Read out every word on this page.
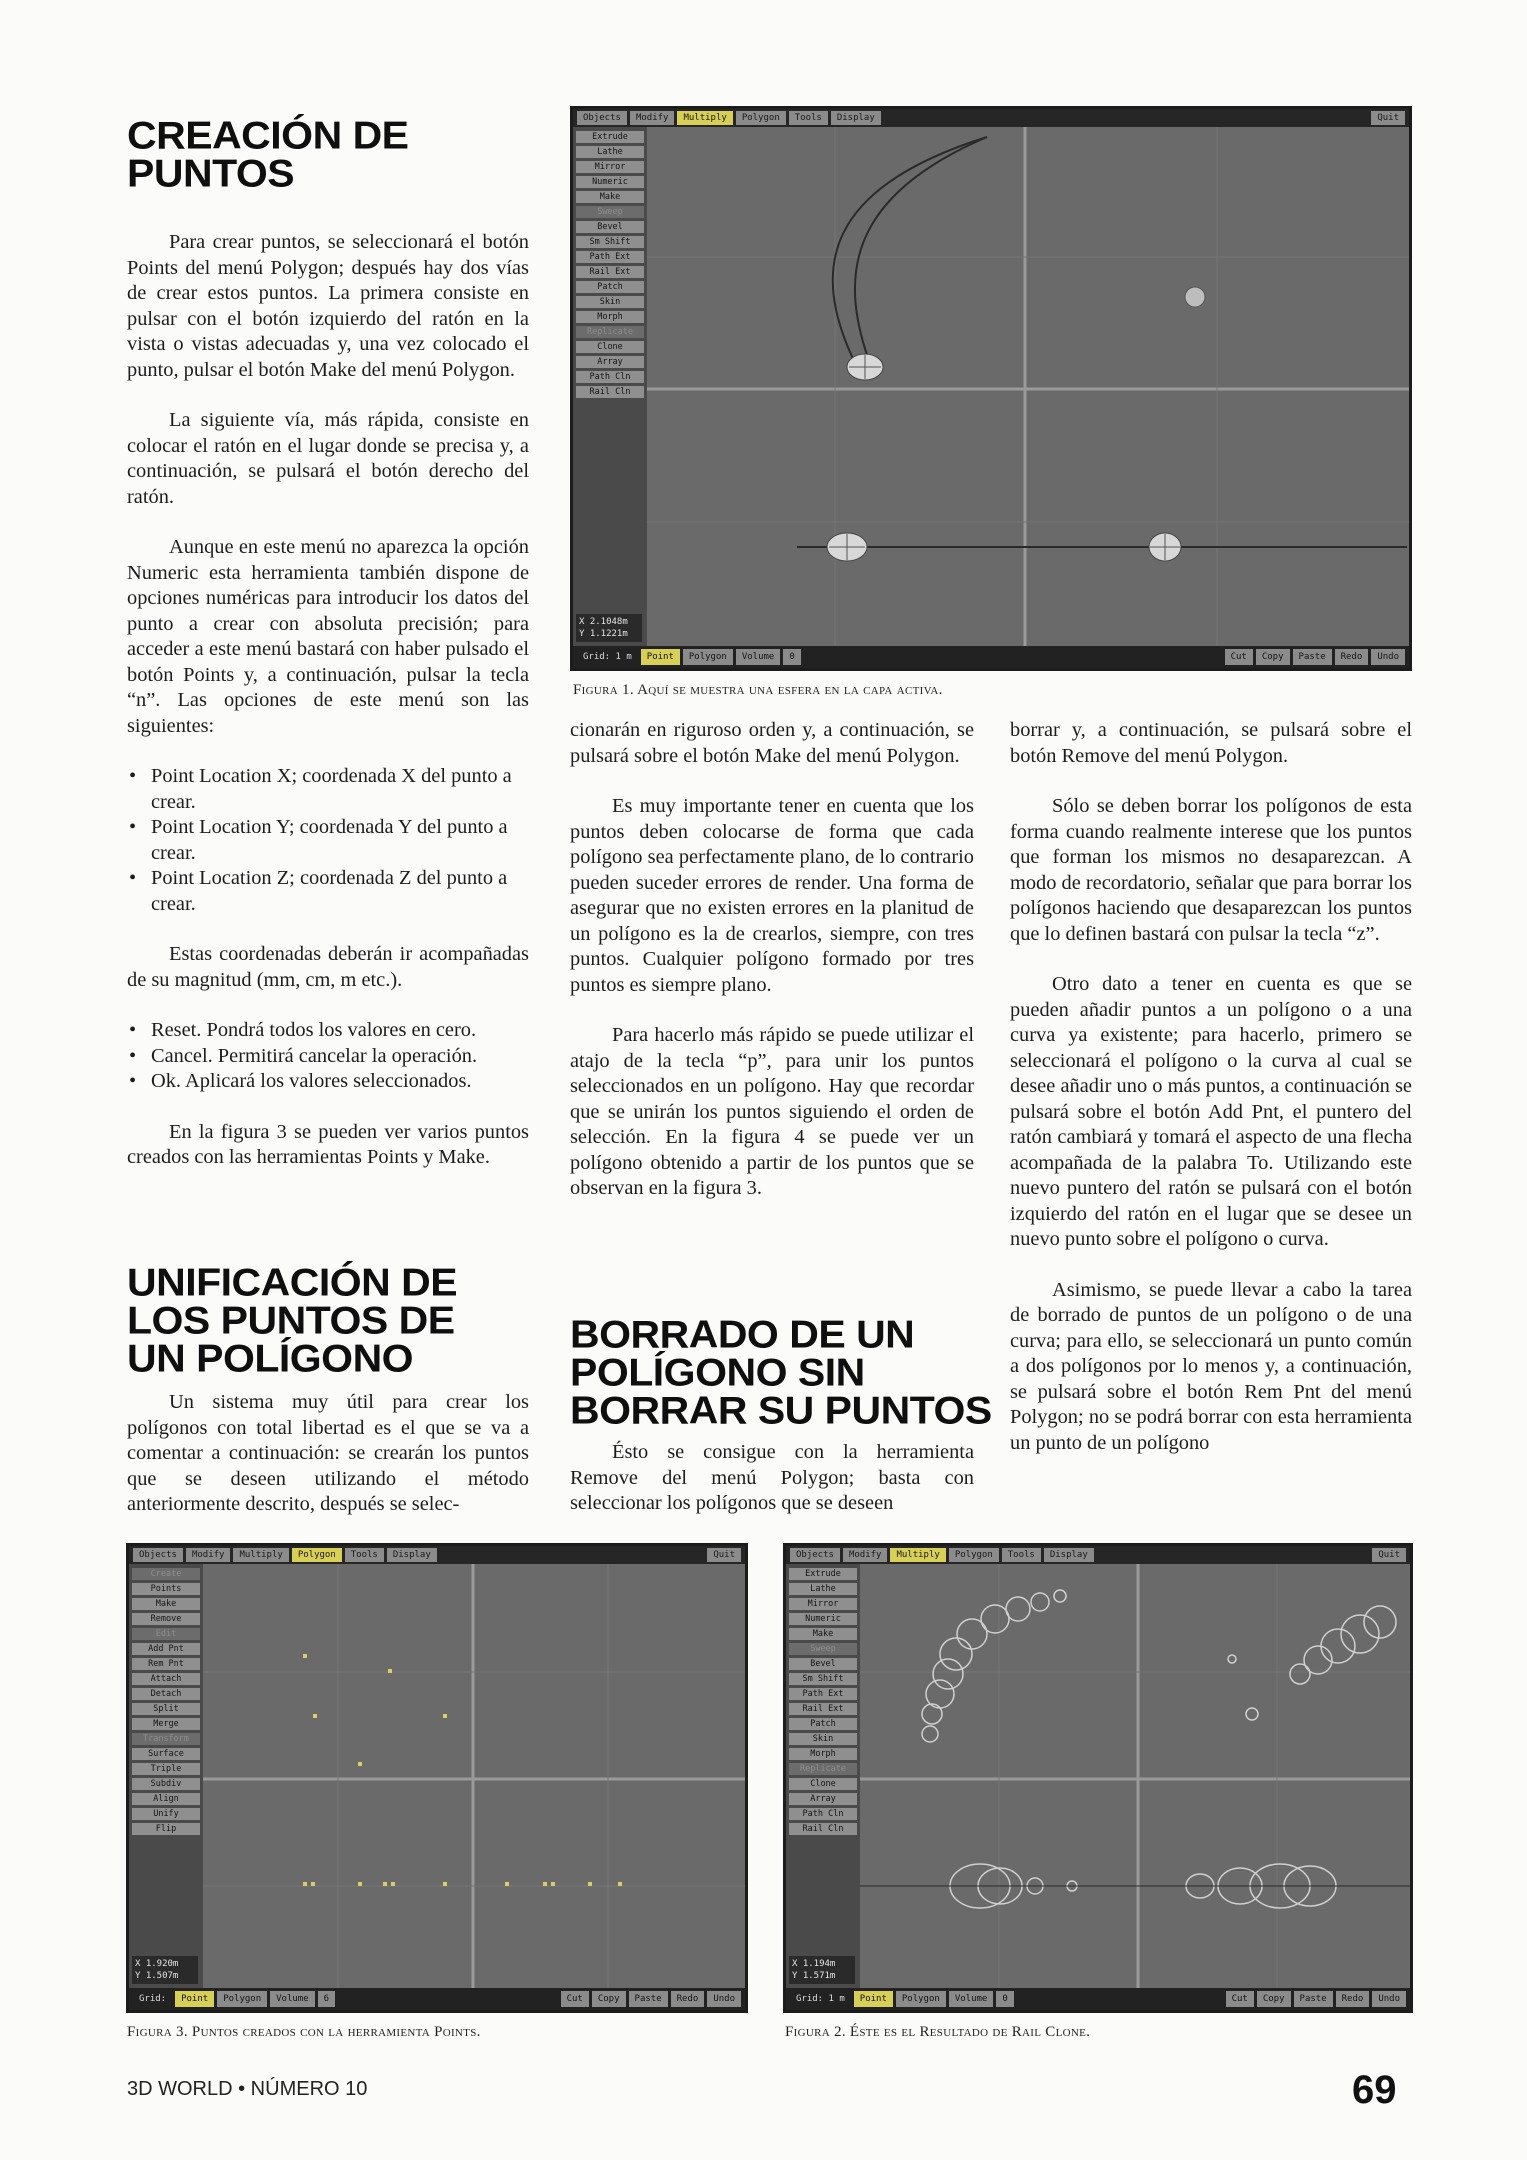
CREACIÓN DE
PUNTOS

Para crear puntos, se seleccionará el botón Points del menú Polygon; después hay dos vías de crear estos puntos. La primera consiste en pulsar con el botón izquierdo del ratón en la vista o vistas adecuadas y, una vez colocado el punto, pulsar el botón Make del menú Polygon.

La siguiente vía, más rápida, consiste en colocar el ratón en el lugar donde se precisa y, a continuación, se pulsará el botón derecho del ratón.

Aunque en este menú no aparezca la opción Numeric esta herramienta también dispone de opciones numéricas para introducir los datos del punto a crear con absoluta precisión; para acceder a este menú bastará con haber pulsado el botón Points y, a continuación, pulsar la tecla “n”. Las opciones de este menú son las siguientes:

• Point Location X; coordenada X del punto a crear.
• Point Location Y; coordenada Y del punto a crear.
• Point Location Z; coordenada Z del punto a crear.

Estas coordenadas deberán ir acompañadas de su magnitud (mm, cm, m etc.).

• Reset. Pondrá todos los valores en cero.
• Cancel. Permitirá cancelar la operación.
• Ok. Aplicará los valores seleccionados.

En la figura 3 se pueden ver varios puntos creados con las herramientas Points y Make.

UNIFICACIÓN DE
LOS PUNTOS DE
UN POLÍGONO

Un sistema muy útil para crear los polígonos con total libertad es el que se va a comentar a continuación: se crearán los puntos que se deseen utilizando el método anteriormente descrito, después se selec-

Objects	Modify	Multiply	Polygon	Tools	Display	Quit
Extrude
Lathe
Mirror
Numeric
Make
Sweep
Bevel
Sm Shift
Path Ext
Rail Ext
Patch
Skin
Morph
Replicate
Clone
Array
Path Cln
Rail Cln
X 2.1048m
Y 1.1221m
Grid: 1 m	Point	Polygon	Volume	0	Cut	Copy	Paste	Redo	Undo
Figura 1. Aquí se muestra una esfera en la capa activa.

cionarán en riguroso orden y, a continuación, se pulsará sobre el botón Make del menú Polygon.

Es muy importante tener en cuenta que los puntos deben colocarse de forma que cada polígono sea perfectamente plano, de lo contrario pueden suceder errores de render. Una forma de asegurar que no existen errores en la planitud de un polígono es la de crearlos, siempre, con tres puntos. Cualquier polígono formado por tres puntos es siempre plano.

Para hacerlo más rápido se puede utilizar el atajo de la tecla “p”, para unir los puntos seleccionados en un polígono. Hay que recordar que se unirán los puntos siguiendo el orden de selección. En la figura 4 se puede ver un polígono obtenido a partir de los puntos que se observan en la figura 3.

BORRADO DE UN
POLÍGONO SIN
BORRAR SU PUNTOS

Ésto se consigue con la herramienta Remove del menú Polygon; basta con seleccionar los polígonos que se deseen

borrar y, a continuación, se pulsará sobre el botón Remove del menú Polygon.

Sólo se deben borrar los polígonos de esta forma cuando realmente interese que los puntos que forman los mismos no desaparezcan. A modo de recordatorio, señalar que para borrar los polígonos haciendo que desaparezcan los puntos que lo definen bastará con pulsar la tecla “z”.

Otro dato a tener en cuenta es que se pueden añadir puntos a un polígono o a una curva ya existente; para hacerlo, primero se seleccionará el polígono o la curva al cual se desee añadir uno o más puntos, a continuación se pulsará sobre el botón Add Pnt, el puntero del ratón cambiará y tomará el aspecto de una flecha acompañada de la palabra To. Utilizando este nuevo puntero del ratón se pulsará con el botón izquierdo del ratón en el lugar que se desee un nuevo punto sobre el polígono o curva.

Asimismo, se puede llevar a cabo la tarea de borrado de puntos de un polígono o de una curva; para ello, se seleccionará un punto común a dos polígonos por lo menos y, a continuación, se pulsará sobre el botón Rem Pnt del menú Polygon; no se podrá borrar con esta herramienta un punto de un polígono

Objects	Modify	Multiply	Polygon	Tools	Display	Quit
Create
Points
Make
Remove
Edit
Add Pnt
Rem Pnt
Attach
Detach
Split
Merge
Transform
Surface
Triple
Subdiv
Align
Unify
Flip
X 1.920m
Y 1.507m
Grid:	Point	Polygon	Volume	6	Cut	Copy	Paste	Redo	Undo
Figura 3. Puntos creados con la herramienta Points.
Objects	Modify	Multiply	Polygon	Tools	Display	Quit
Extrude
Lathe
Mirror
Numeric
Make
Sweep
Bevel
Sm Shift
Path Ext
Rail Ext
Patch
Skin
Morph
Replicate
Clone
Array
Path Cln
Rail Cln
X 1.194m
Y 1.571m
Grid: 1 m	Point	Polygon	Volume	0	Cut	Copy	Paste	Redo	Undo
Figura 2. Éste es el Resultado de Rail Clone.
3D WORLD • NÚMERO 10	69
